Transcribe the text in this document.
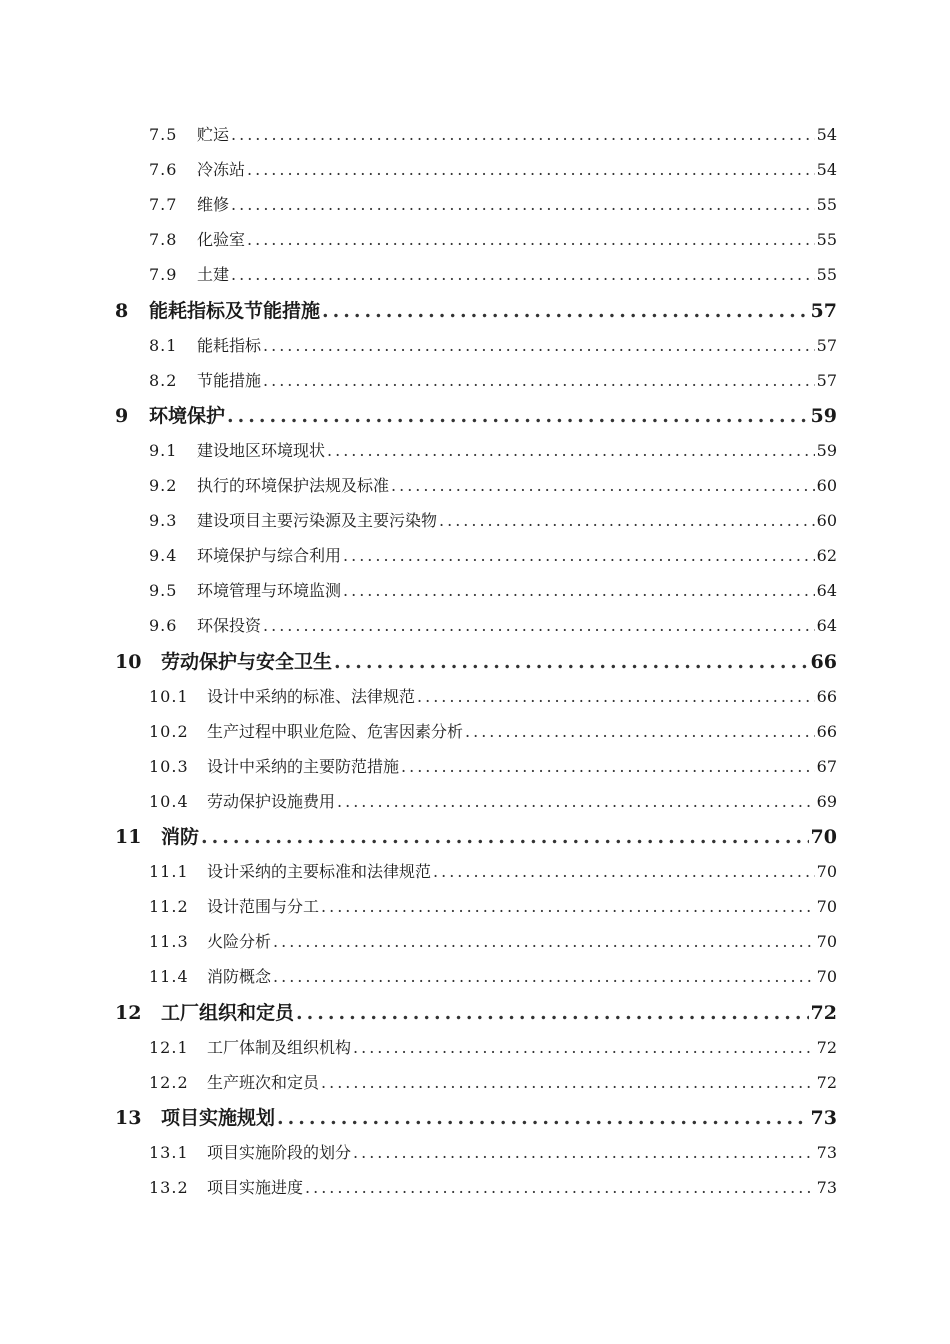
7.5	贮运 .....	54
7.6	冷冻站 .....	54
7.7	维修 .....	55
7.8	化验室 .....	55
7.9	土建 .....	55
8	能耗指标及节能措施 .....	57
8.1	能耗指标 .....	57
8.2	节能措施 .....	57
9	环境保护 .....	59
9.1	建设地区环境现状 .....	59
9.2	执行的环境保护法规及标准 .....	60
9.3	建设项目主要污染源及主要污染物 .....	60
9.4	环境保护与综合利用 .....	62
9.5	环境管理与环境监测 .....	64
9.6	环保投资 .....	64
10	劳动保护与安全卫生 .....	66
10.1	设计中采纳的标准、法律规范 .....	66
10.2	生产过程中职业危险、危害因素分析 .....	66
10.3	设计中采纳的主要防范措施 .....	67
10.4	劳动保护设施费用 .....	69
11	消防 .....	70
11.1	设计采纳的主要标准和法律规范 .....	70
11.2	设计范围与分工 .....	70
11.3	火险分析 .....	70
11.4	消防概念 .....	70
12	工厂组织和定员 .....	72
12.1	工厂体制及组织机构 .....	72
12.2	生产班次和定员 .....	72
13	项目实施规划 .....	73
13.1	项目实施阶段的划分 .....	73
13.2	项目实施进度 .....	73
